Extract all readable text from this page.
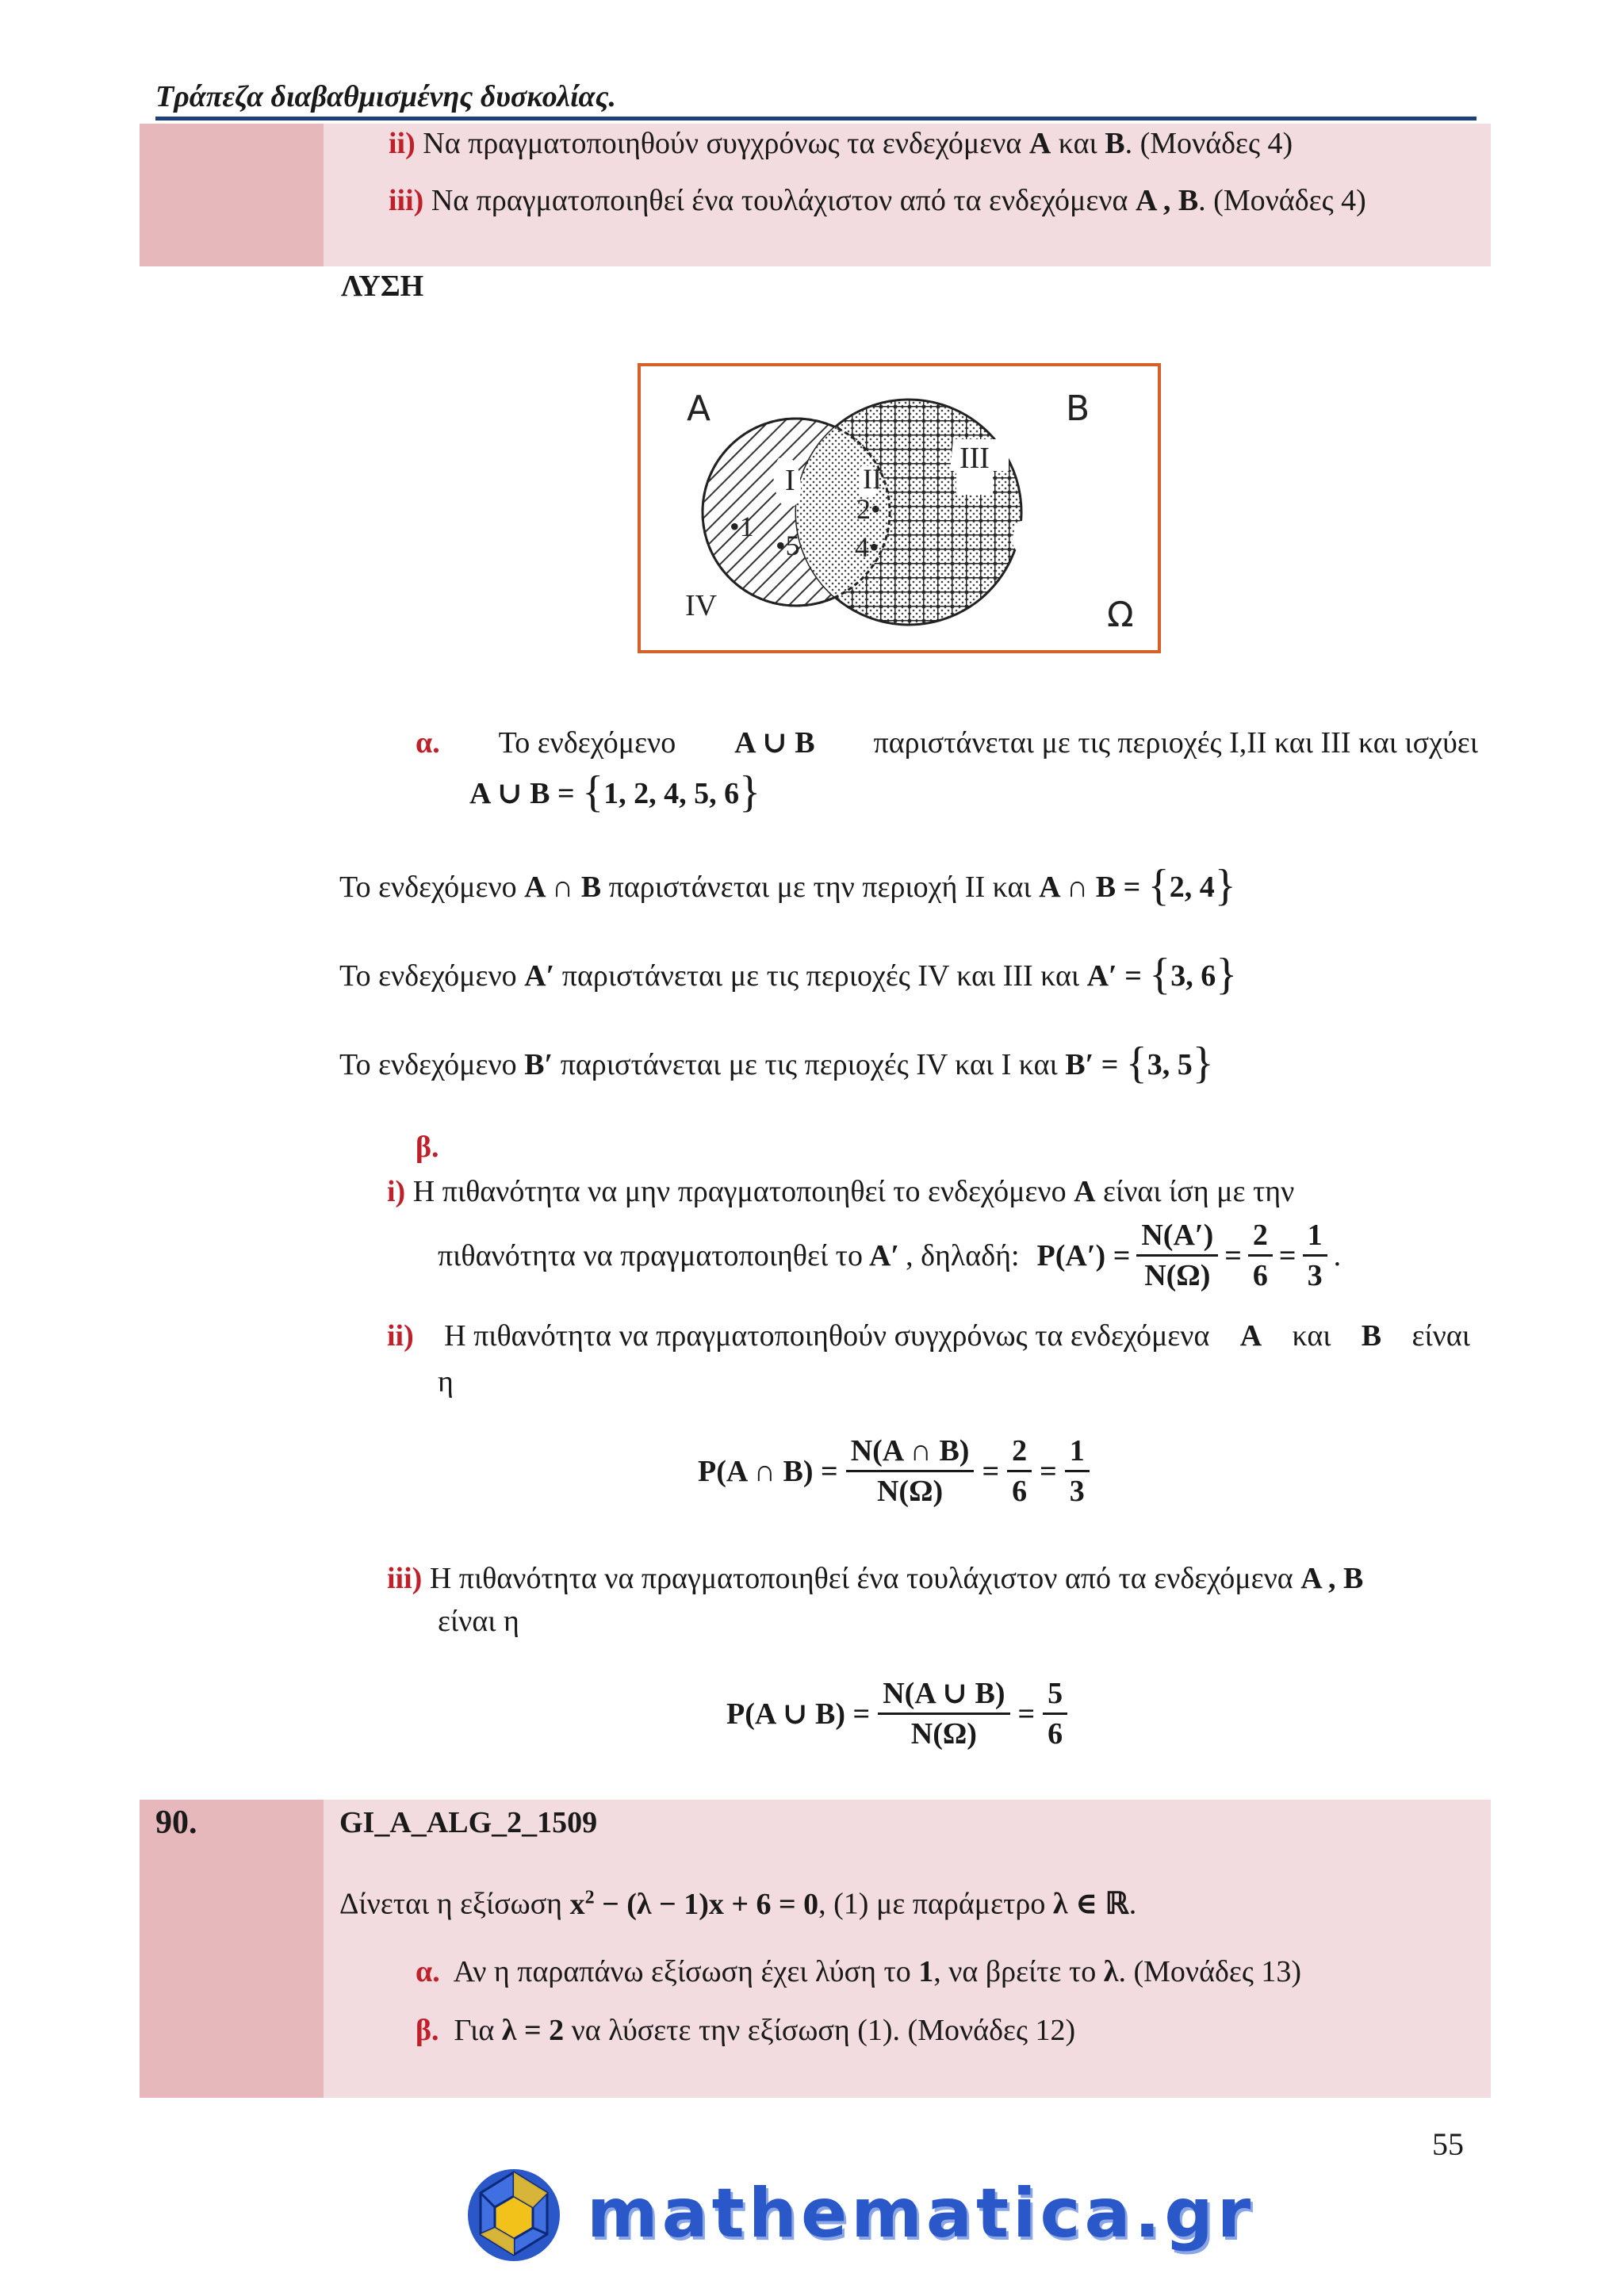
Τράπεζα διαβαθμισμένης δυσκολίας.
ii) Να πραγματοποιηθούν συγχρόνως τα ενδεχόμενα Α και Β. (Μονάδες 4)
iii) Να πραγματοποιηθεί ένα τουλάχιστον από τα ενδεχόμενα Α , Β. (Μονάδες 4)
ΛΥΣΗ
A	B
Ω
I II
III
IV
•1
•5
2•
4•
α. Το ενδεχόμενο Α ∪ Β παριστάνεται με τις περιοχές Ι,ΙΙ και ΙΙΙ και ισχύει
Α ∪ Β = {1, 2, 4, 5, 6}
Το ενδεχόμενο Α ∩ Β παριστάνεται με την περιοχή ΙΙ και Α ∩ Β = {2, 4}
Το ενδεχόμενο Α′ παριστάνεται με τις περιοχές ΙV και ΙΙΙ και Α′ = {3, 6}
Το ενδεχόμενο Β′ παριστάνεται με τις περιοχές ΙV και Ι και Β′ = {3, 5}
β.
i) Η πιθανότητα να μην πραγματοποιηθεί το ενδεχόμενο Α είναι ίση με την
πιθανότητα να πραγματοποιηθεί το Α′ , δηλαδή: $P(A') = \frac{N(A')}{N(\Omega)} = \frac{2}{6} = \frac{1}{3}$ .
ii) Η πιθανότητα να πραγματοποιηθούν συγχρόνως τα ενδεχόμενα Α και Β είναι
η
P(Α ∩ $B) = \frac{N(A \cap B)}{N(\Omega)} = \frac{2}{6} = \frac{1}{3}$
iii) Η πιθανότητα να πραγματοποιηθεί ένα τουλάχιστον από τα ενδεχόμενα Α , Β
είναι η
P(Α ∪ $B) = \frac{N(A \cup B)}{N(\Omega)} = \frac{5}{6}$
90.	GI_A_ALG_2_1509
Δίνεται η εξίσωση $x^2 - (\lambda - 1)x + 6 = 0$, (1) με παράμετρο λ ∈ ℝ.
α. Αν η παραπάνω εξίσωση έχει λύση το 1, να βρείτε το λ. (Μονάδες 13)
β. Για λ = 2 να λύσετε την εξίσωση (1). (Μονάδες 12)
55
mathematica.gr
